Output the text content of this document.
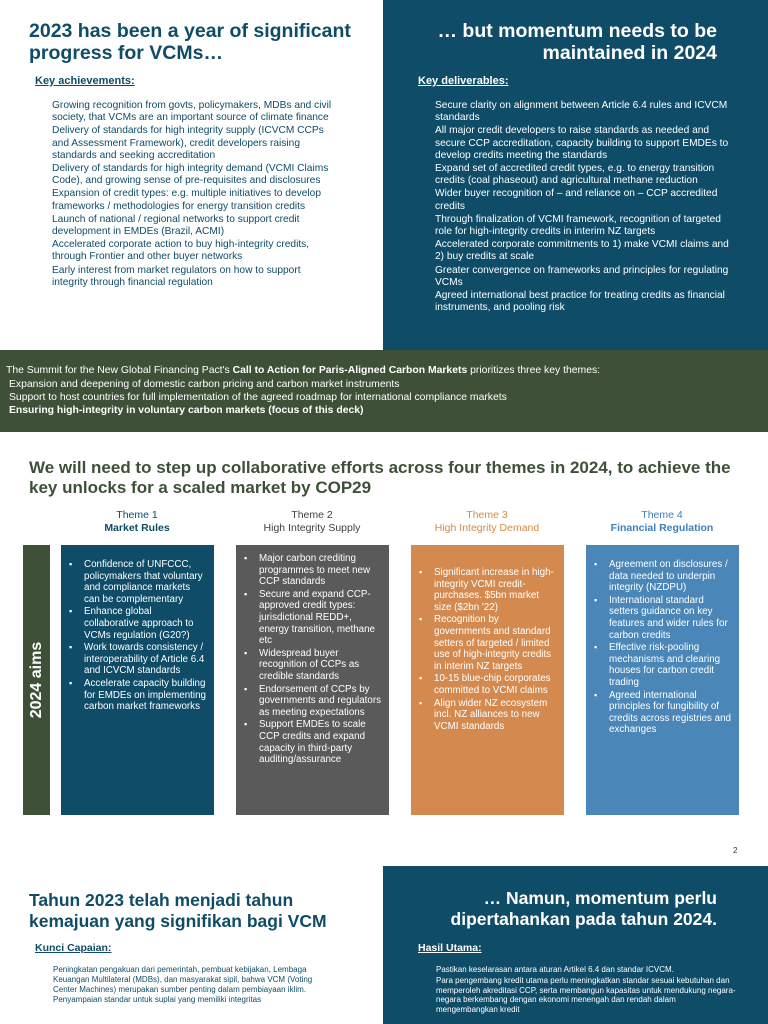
2023 has been a year of significant progress for VCMs…
Key achievements:
Growing recognition from govts, policymakers, MDBs and civil society, that VCMs are an important source of climate finance
Delivery of standards for high integrity supply (ICVCM CCPs and Assessment Framework), credit developers raising standards and seeking accreditation
Delivery of standards for high integrity demand (VCMI Claims Code), and growing sense of pre-requisites and disclosures
Expansion of credit types: e.g. multiple initiatives to develop frameworks / methodologies for energy transition credits
Launch of national / regional networks to support credit development in EMDEs (Brazil, ACMI)
Accelerated corporate action to buy high-integrity credits, through Frontier and other buyer networks
Early interest from market regulators on how to support integrity through financial regulation
… but momentum needs to be maintained in 2024
Key deliverables:
Secure clarity on alignment between Article 6.4 rules and ICVCM standards
All major credit developers to raise standards as needed and secure CCP accreditation, capacity building to support EMDEs to develop credits meeting the standards
Expand set of accredited credit types, e.g. to energy transition credits (coal phaseout) and agricultural methane reduction
Wider buyer recognition of – and reliance on – CCP accredited credits
Through finalization of VCMI framework, recognition of targeted role for high-integrity credits in interim NZ targets
Accelerated corporate commitments to 1) make VCMI claims and 2) buy credits at scale
Greater convergence on frameworks and principles for regulating VCMs
Agreed international best practice for treating credits as financial instruments, and pooling risk

The Summit for the New Global Financing Pact's Call to Action for Paris-Aligned Carbon Markets prioritizes three key themes:

Expansion and deepening of domestic carbon pricing and carbon market instruments
Support to host countries for full implementation of the agreed roadmap for international compliance markets
Ensuring high-integrity in voluntary carbon markets (focus of this deck)
We will need to step up collaborative efforts across four themes in 2024, to achieve the key unlocks for a scaled market by COP29
Theme 1
Market Rules
Theme 2
High Integrity Supply
Theme 3
High Integrity Demand
Theme 4
Financial Regulation
2024 aims
▪ Confidence of UNFCCC, policymakers that voluntary and compliance markets can be complementary
▪ Enhance global collaborative approach to VCMs regulation (G20?)
▪ Work towards consistency / interoperability of Article 6.4 and ICVCM standards
▪ Accelerate capacity building for EMDEs on implementing carbon market frameworks
▪ Major carbon crediting programmes to meet new CCP standards
▪ Secure and expand CCP-approved credit types: jurisdictional REDD+, energy transition, methane etc
▪ Widespread buyer recognition of CCPs as credible standards
▪ Endorsement of CCPs by governments and regulators as meeting expectations
▪ Support EMDEs to scale CCP credits and expand capacity in third-party auditing/assurance
▪ Significant increase in high-integrity VCMI credit-purchases. $5bn market size ($2bn '22)
▪ Recognition by governments and standard setters of targeted / limited use of high-integrity credits in interim NZ targets
▪ 10-15 blue-chip corporates committed to VCMI claims
▪ Align wider NZ ecosystem incl. NZ alliances to new VCMI standards
▪ Agreement on disclosures / data needed to underpin integrity (NZDPU)
▪ International standard setters guidance on key features and wider rules for carbon credits
▪ Effective risk-pooling mechanisms and clearing houses for carbon credit trading
▪ Agreed international principles for fungibility of credits across registries and exchanges
2
Tahun 2023 telah menjadi tahun kemajuan yang signifikan bagi VCM
Kunci Capaian:
Peningkatan pengakuan dari pemerintah, pembuat kebijakan, Lembaga Keuangan Multilateral (MDBs), dan masyarakat sipil, bahwa VCM (Voting Center Machines) merupakan sumber penting dalam pembiayaan iklim.
Penyampaian standar untuk suplai yang memiliki integritas
… Namun, momentum perlu dipertahankan pada tahun 2024.
Hasil Utama:
Pastikan keselarasan antara aturan Artikel 6.4 dan standar ICVCM.
Para pengembang kredit utama perlu meningkatkan standar sesuai kebutuhan dan memperoleh akreditasi CCP, serta membangun kapasitas untuk mendukung negara-negara berkembang dengan ekonomi menengah dan rendah dalam mengembangkan kredit
